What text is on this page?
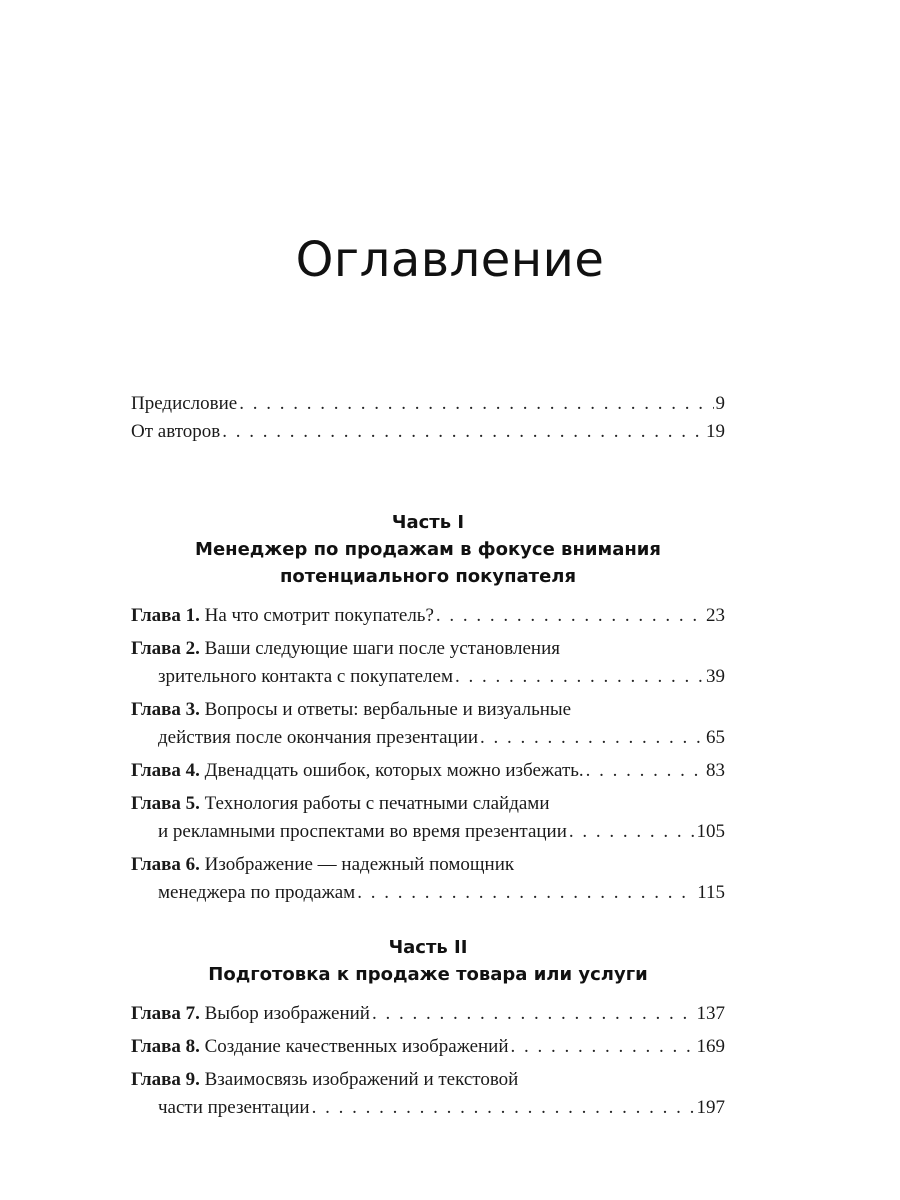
Оглавление
Предисловие . . .	9
От авторов . . .	19
Часть I
Менеджер по продажам в фокусе внимания
потенциального покупателя
Глава 1. На что смотрит покупатель? . . .	23
Глава 2. Ваши следующие шаги после установления
зрительного контакта с покупателем . . .	39
Глава 3. Вопросы и ответы: вербальные и визуальные
действия после окончания презентации . . .	65
Глава 4. Двенадцать ошибок, которых можно избежать. . . .	83
Глава 5. Технология работы с печатными слайдами
и рекламными проспектами во время презентации . . .	105
Глава 6. Изображение — надежный помощник
менеджера по продажам . . .	115
Часть II
Подготовка к продаже товара или услуги
Глава 7. Выбор изображений . . .	137
Глава 8. Создание качественных изображений . . .	169
Глава 9. Взаимосвязь изображений и текстовой
части презентации . . .	197
